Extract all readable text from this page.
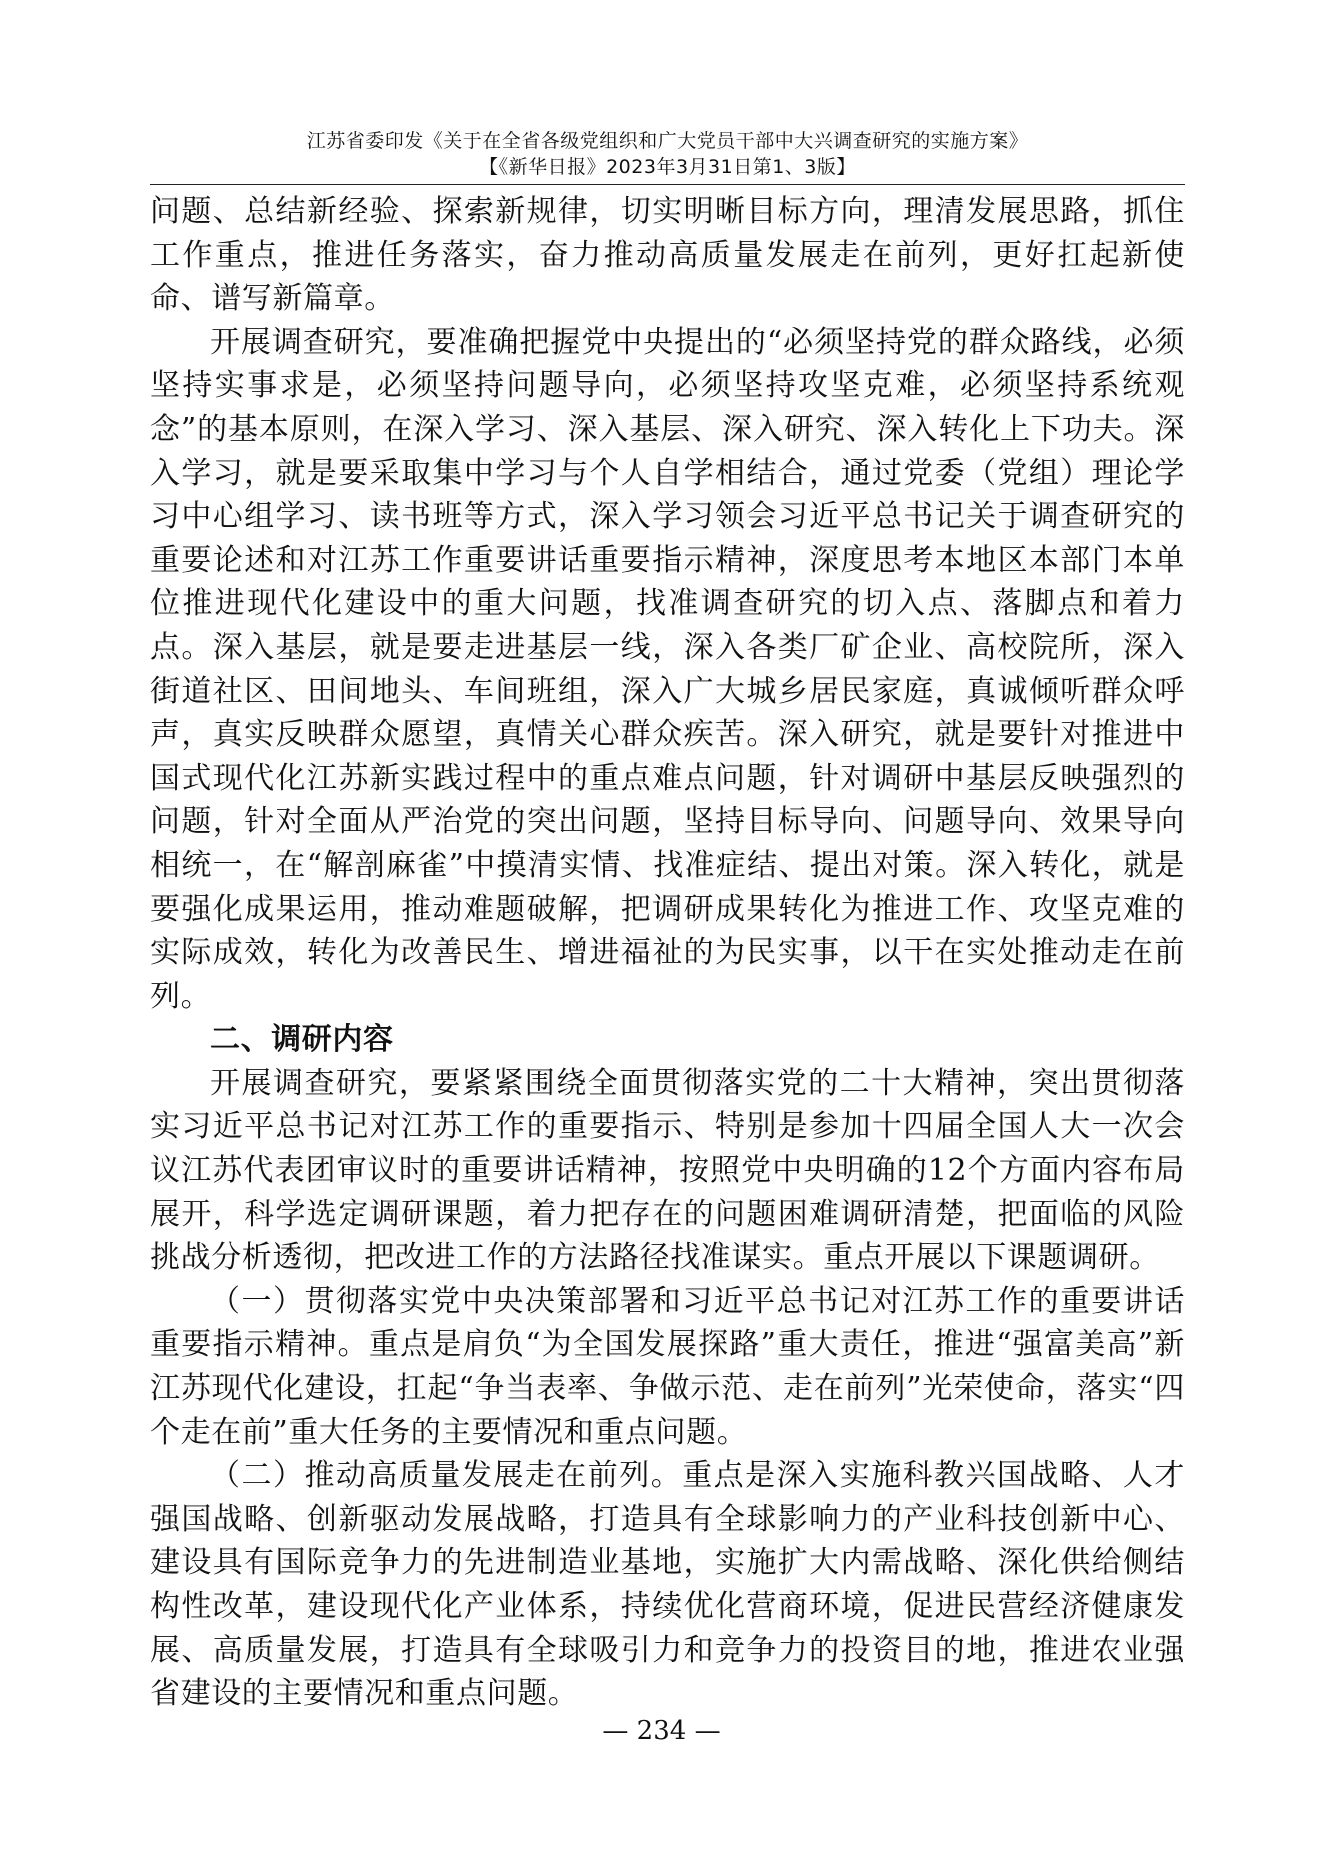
江苏省委印发《关于在全省各级党组织和广大党员干部中大兴调查研究的实施方案》
【《新华日报》2023年3月31日第1、3版】

问题、总结新经验、探索新规律，切实明晰目标方向，理清发展思路，抓住工作重点，推进任务落实，奋力推动高质量发展走在前列，更好扛起新使命、谱写新篇章。

开展调查研究，要准确把握党中央提出的“必须坚持党的群众路线，必须坚持实事求是，必须坚持问题导向，必须坚持攻坚克难，必须坚持系统观念”的基本原则，在深入学习、深入基层、深入研究、深入转化上下功夫。深入学习，就是要采取集中学习与个人自学相结合，通过党委（党组）理论学习中心组学习、读书班等方式，深入学习领会习近平总书记关于调查研究的重要论述和对江苏工作重要讲话重要指示精神，深度思考本地区本部门本单位推进现代化建设中的重大问题，找准调查研究的切入点、落脚点和着力点。深入基层，就是要走进基层一线，深入各类厂矿企业、高校院所，深入街道社区、田间地头、车间班组，深入广大城乡居民家庭，真诚倾听群众呼声，真实反映群众愿望，真情关心群众疾苦。深入研究，就是要针对推进中国式现代化江苏新实践过程中的重点难点问题，针对调研中基层反映强烈的问题，针对全面从严治党的突出问题，坚持目标导向、问题导向、效果导向相统一，在“解剖麻雀”中摸清实情、找准症结、提出对策。深入转化，就是要强化成果运用，推动难题破解，把调研成果转化为推进工作、攻坚克难的实际成效，转化为改善民生、增进福祉的为民实事，以干在实处推动走在前列。

二、调研内容

开展调查研究，要紧紧围绕全面贯彻落实党的二十大精神，突出贯彻落实习近平总书记对江苏工作的重要指示、特别是参加十四届全国人大一次会议江苏代表团审议时的重要讲话精神，按照党中央明确的12个方面内容布局展开，科学选定调研课题，着力把存在的问题困难调研清楚，把面临的风险挑战分析透彻，把改进工作的方法路径找准谋实。重点开展以下课题调研。

（一）贯彻落实党中央决策部署和习近平总书记对江苏工作的重要讲话重要指示精神。重点是肩负“为全国发展探路”重大责任，推进“强富美高”新江苏现代化建设，扛起“争当表率、争做示范、走在前列”光荣使命，落实“四个走在前”重大任务的主要情况和重点问题。

（二）推动高质量发展走在前列。重点是深入实施科教兴国战略、人才强国战略、创新驱动发展战略，打造具有全球影响力的产业科技创新中心、建设具有国际竞争力的先进制造业基地，实施扩大内需战略、深化供给侧结构性改革，建设现代化产业体系，持续优化营商环境，促进民营经济健康发展、高质量发展，打造具有全球吸引力和竞争力的投资目的地，推进农业强省建设的主要情况和重点问题。

— 234 —
